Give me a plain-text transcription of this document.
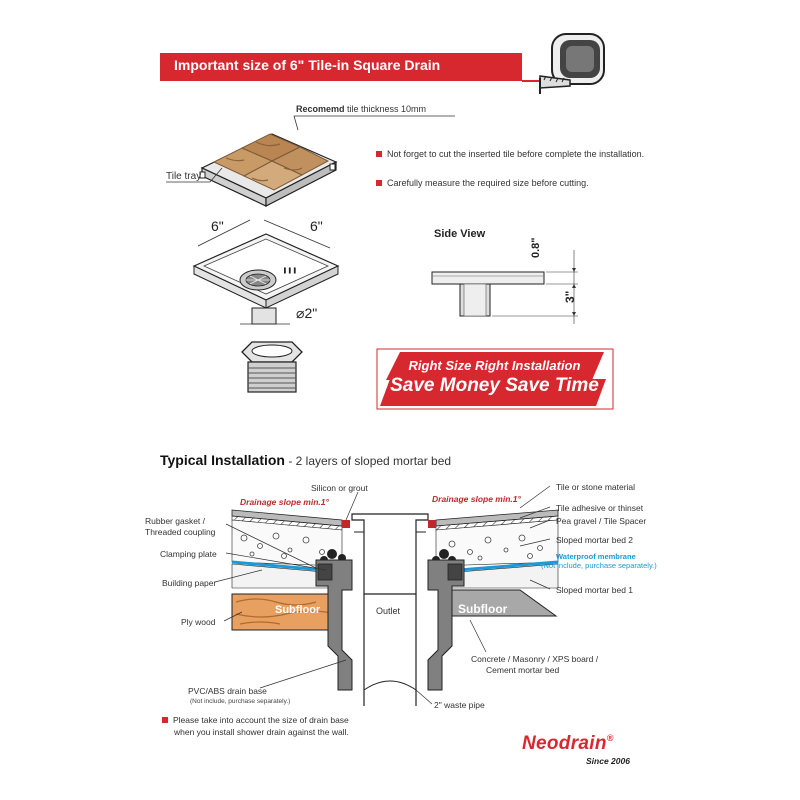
Important size of 6" Tile-in Square Drain
Recomemd tile thickness 10mm
Tile tray
Not forget to cut the inserted tile before complete the installation.
Carefully measure the required size before cutting.
▌ ▌ ▌
6"	6"
⌀2"
Side View
0.8"
3"
Right Size Right Installation
Save Money Save Time
Typical Installation - 2 layers of sloped mortar bed
Silicon or grout
Drainage slope min.1°	Drainage slope min.1°
Tile or stone material
Tile adhesive or thinset
Pea gravel / Tile Spacer
Sloped mortar bed 2
Waterproof membrane
(Not include, purchase separately.)
Sloped mortar bed 1
Rubber gasket /
Threaded coupling
Clamping plate
Building paper
Ply wood
Subfloor	Subfloor
Outlet
Concrete / Masonry / XPS board /
Cement mortar bed
PVC/ABS drain base
(Not include, purchase separately.)	2" waste pipe
Please take into account the size of drain base
when you install shower drain against the wall.
Neodrain®
Since 2006
